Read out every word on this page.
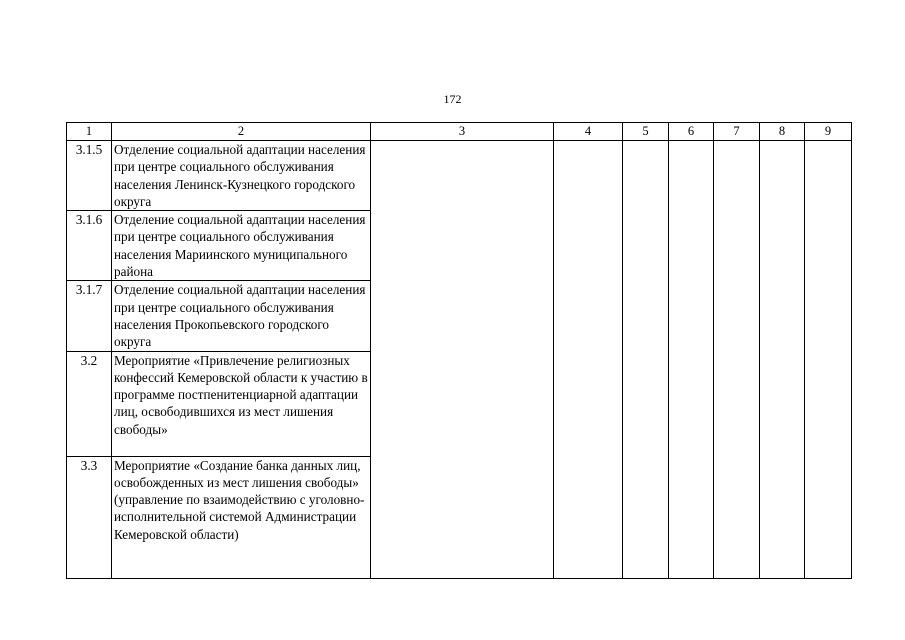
172
1	2	3	4	5	6	7	8	9
3.1.5	Отделение социальной адаптации населения при центре социального обслуживания населения Ленинск-Кузнецкого городского округа							
3.1.6	Отделение социальной адаптации населения при центре социального обслуживания населения Мариинского муниципального района							
3.1.7	Отделение социальной адаптации населения при центре социального обслуживания населения Прокопьевского городского округа							
3.2	Мероприятие «Привлечение религиозных конфессий Кемеровской области к участию в программе постпенитенциарной адаптации лиц, освободившихся из мест лишения свободы»							
3.3	Мероприятие «Создание банка данных лиц, освобожденных из мест лишения свободы» (управление по взаимодействию с уголовно-исполнительной системой Администрации Кемеровской области)							
